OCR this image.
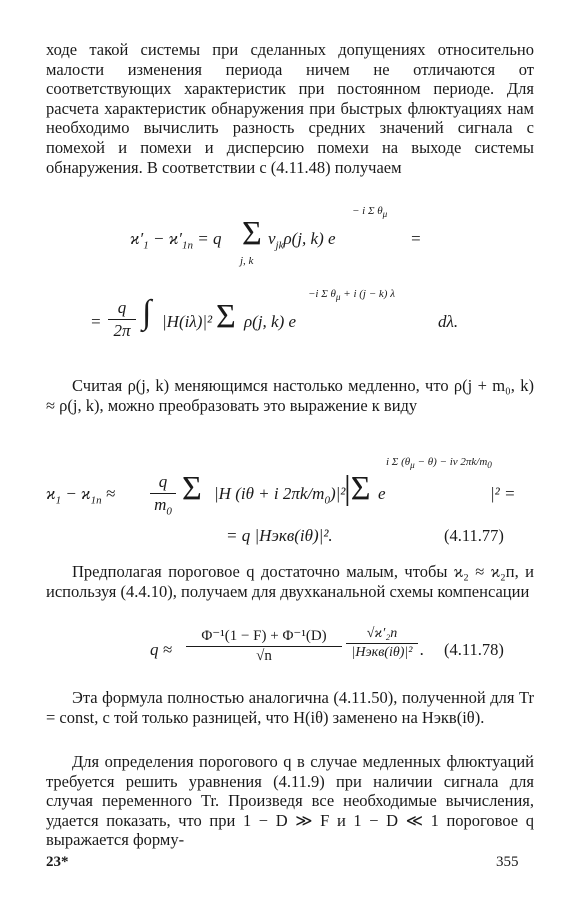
ходе такой системы при сделанных допущениях относительно малости изменения периода ничем не отличаются от соответствующих характеристик при постоянном периоде. Для расчета характеристик обнаружения при быстрых флюктуациях нам необходимо вычислить разность средних значений сигнала с помехой и помехи и дисперсию помехи на выходе системы обнаружения. В соответствии с (4.11.48) получаем

$ϰ'_1 - ϰ'_{1п} = q$ Σ
j, k
$v_{jk}\rho(j$, k) e
− i Σ $\theta_\mu$
=
=
q
2π ∫ |H(iλ)|² Σ ρ(j, k) e
−i Σ $\theta_\mu + i$ (j − k) λ
dλ.

Считая ρ(j, k) меняющимся настолько медленно, что ρ(j + m₀, k) ≈ ρ(j, k), можно преобразовать это выражение к виду

$ϰ_1 - ϰ_{1п}$ ≈
q
$m_0$
Σ |H (iθ + i $2\pi k/m_0)|^2$
|Σ e
i Σ $(\theta_\mu - \theta) - i\nu$ $2\pi k/m_0$
|² =
= q |Hэкв(iθ)|².	(4.11.77)

Предполагая пороговое q достаточно малым, чтобы ϰ₂ ≈ ϰ₂п, и используя (4.4.10), получаем для двухканальной схемы компенсации

q ≈
Φ⁻¹(1 − F) + Φ⁻¹(D)
√n
√ϰ′₂п
|Hэкв(iθ)|² . (4.11.78)

Эта формула полностью аналогична (4.11.50), полученной для Tr = const, с той только разницей, что H(iθ) заменено на Hэкв(iθ).

Для определения порогового q в случае медленных флюктуаций требуется решить уравнения (4.11.9) при наличии сигнала для случая переменного Tr. Произведя все необходимые вычисления, удается показать, что при 1 − D ≫ F и 1 − D ≪ 1 пороговое q выражается форму-

23*	355
